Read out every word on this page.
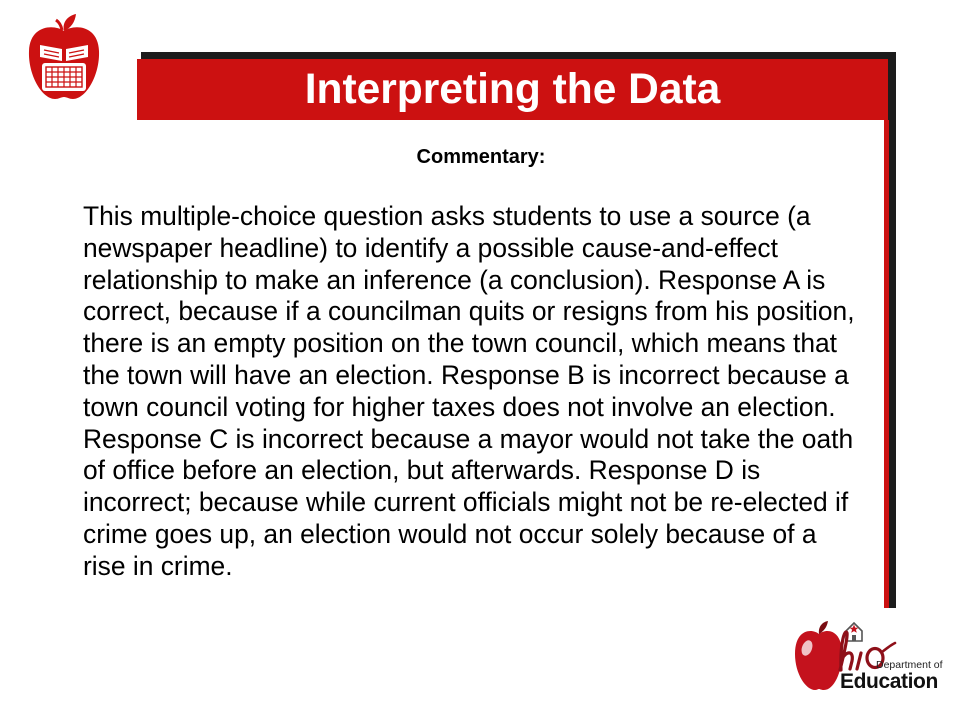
Interpreting the Data
Commentary:
This multiple-choice question asks students to use a source (a
newspaper headline) to identify a possible cause-and-effect
relationship to make an inference (a conclusion). Response A is
correct, because if a councilman quits or resigns from his position,
there is an empty position on the town council, which means that
the town will have an election. Response B is incorrect because a
town council voting for higher taxes does not involve an election.
Response C is incorrect because a mayor would not take the oath
of office before an election, but afterwards. Response D is
incorrect; because while current officials might not be re-elected if
crime goes up, an election would not occur solely because of a
rise in crime.
Department of
Education
